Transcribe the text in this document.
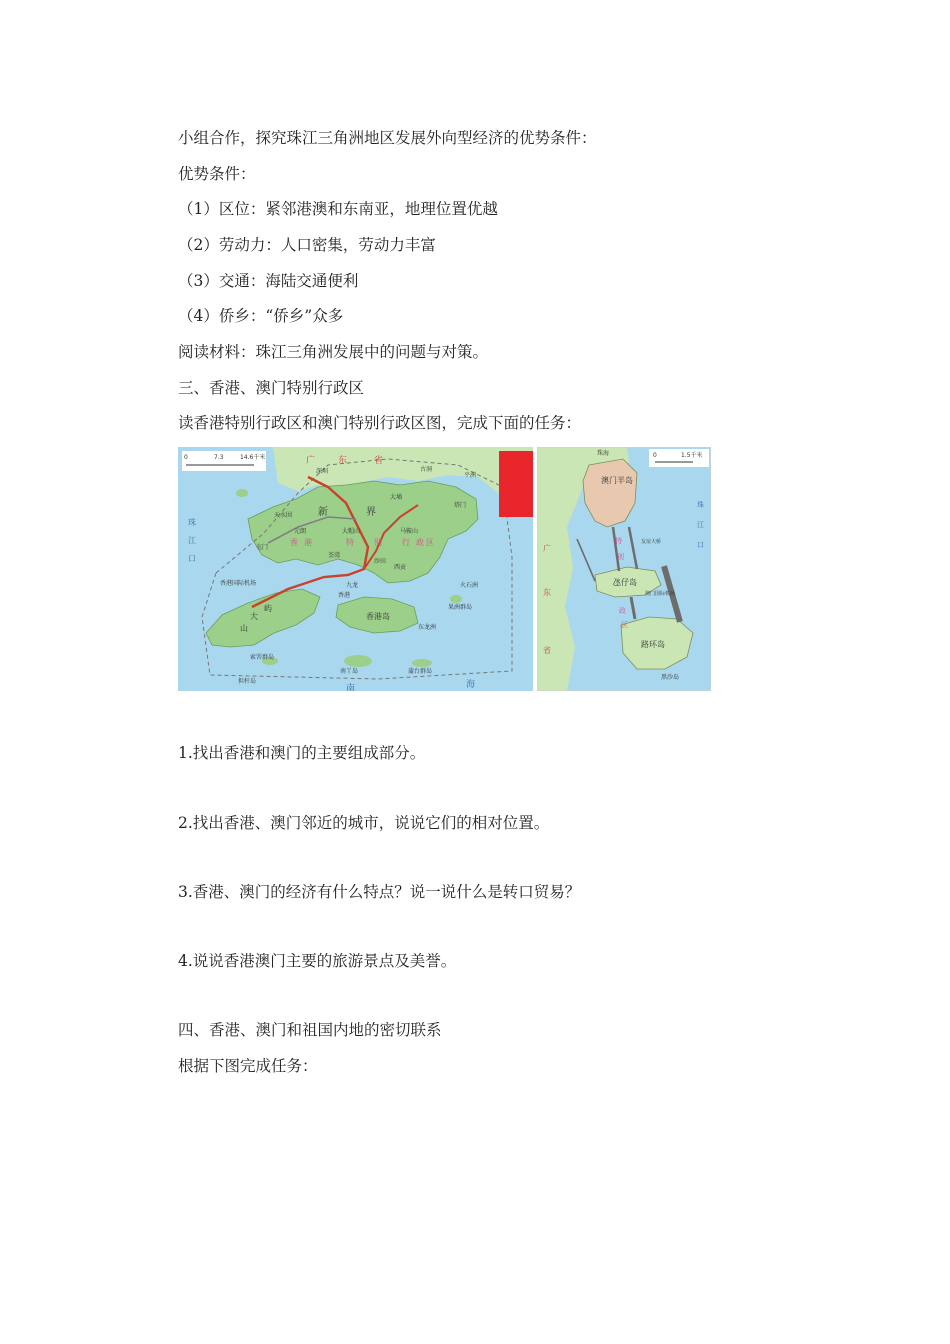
小组合作，探究珠江三角洲地区发展外向型经济的优势条件：
优势条件：
（1）区位：紧邻港澳和东南亚，地理位置优越
（2）劳动力：人口密集，劳动力丰富
（3）交通：海陆交通便利
（4）侨乡：“侨乡”众多
阅读材料：珠江三角洲发展中的问题与对策。
三、香港、澳门特别行政区
读香港特别行政区和澳门特别行政区图，完成下面的任务：
0	7.3	14.6千米	广	东	省
新	界
香 港	特	别	行 政 区
南	海
珠
江
口
大
屿
山
深圳
元朗
天水围
屯门
荃湾
大埔
马鞍山
沙田
西贡
平洲
塔门
古洞
香港国际机场	九龙
香港
香港岛
东龙洲
火石洲
果洲群岛
索罟群岛
南丫岛	蒲台群岛
担杆岛
大帽山
0	1.5千米
珠海
澳门半岛
氹仔岛
澳门国际机场
路环岛
黑沙岛
友谊大桥
广
东
省
特
别
政
区
珠
江
口
1.找出香港和澳门的主要组成部分。
2.找出香港、澳门邻近的城市，说说它们的相对位置。
3.香港、澳门的经济有什么特点？说一说什么是转口贸易？
4.说说香港澳门主要的旅游景点及美誉。
四、香港、澳门和祖国内地的密切联系
根据下图完成任务：
